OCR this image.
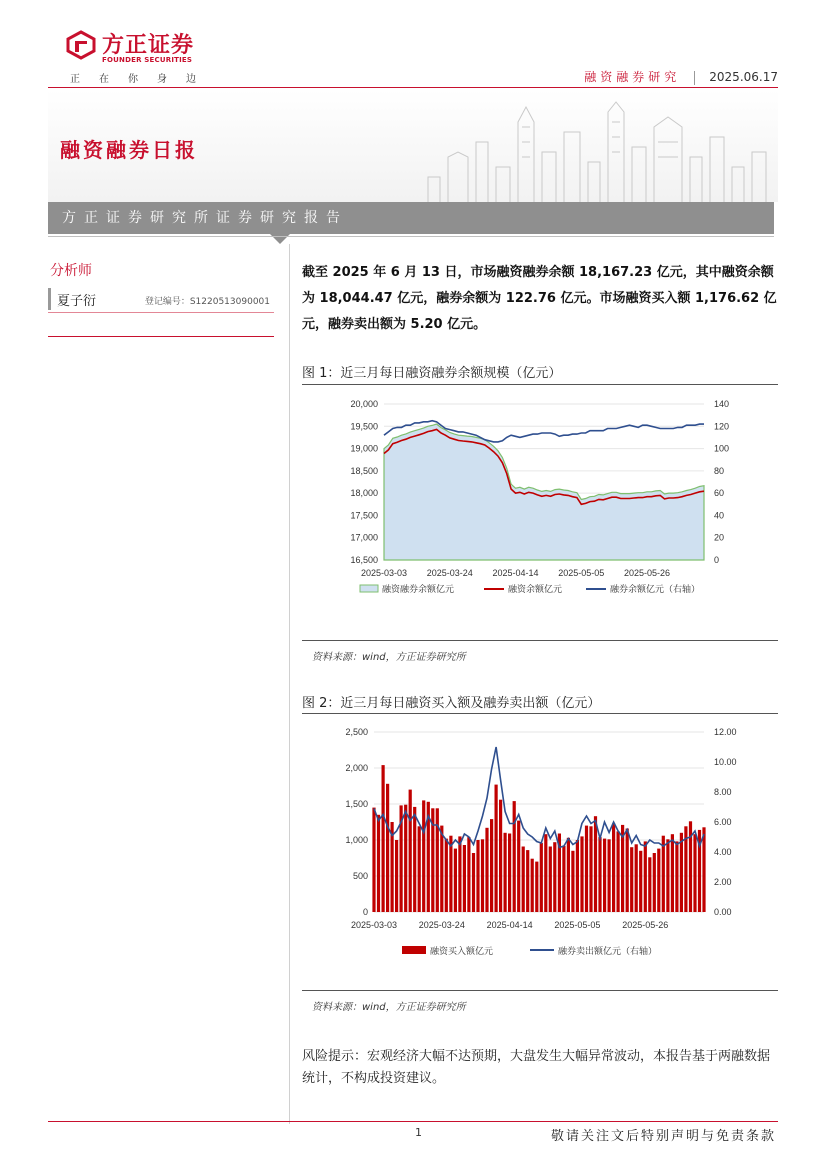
方正证券
FOUNDER SECURITIES
正在你身边	融资融券研究 2025.06.17
融资融券日报
方正证券研究所证券研究报告
分析师
夏子衍	登记编号：S1220513090001
截至 2025 年 6 月 13 日，市场融资融券余额 18,167.23 亿元，其中融资余额为 18,044.47 亿元，融券余额为 122.76 亿元。市场融资买入额 1,176.62 亿元，融券卖出额为 5.20 亿元。
图 1：近三月每日融资融券余额规模（亿元）
20,000
19,500
19,000
18,500
18,000
17,500
17,000
16,500
140
120
100
80
60
40
20
0
2025-03-03 2025-03-24 2025-04-14 2025-05-05 2025-05-26
融资融券余额亿元	融资余额亿元	融券余额亿元（右轴）
资料来源：wind，方正证券研究所
图 2：近三月每日融资买入额及融券卖出额（亿元）
2,500
2,000
1,500
1,000
500
0
12.00
10.00
8.00
6.00
4.00
2.00
0.00
2025-03-03 2025-03-24 2025-04-14 2025-05-05 2025-05-26
融资买入额亿元	融券卖出额亿元（右轴）
资料来源：wind，方正证券研究所
风险提示：宏观经济大幅不达预期，大盘发生大幅异常波动，本报告基于两融数据统计，不构成投资建议。
1	敬请关注文后特别声明与免责条款
